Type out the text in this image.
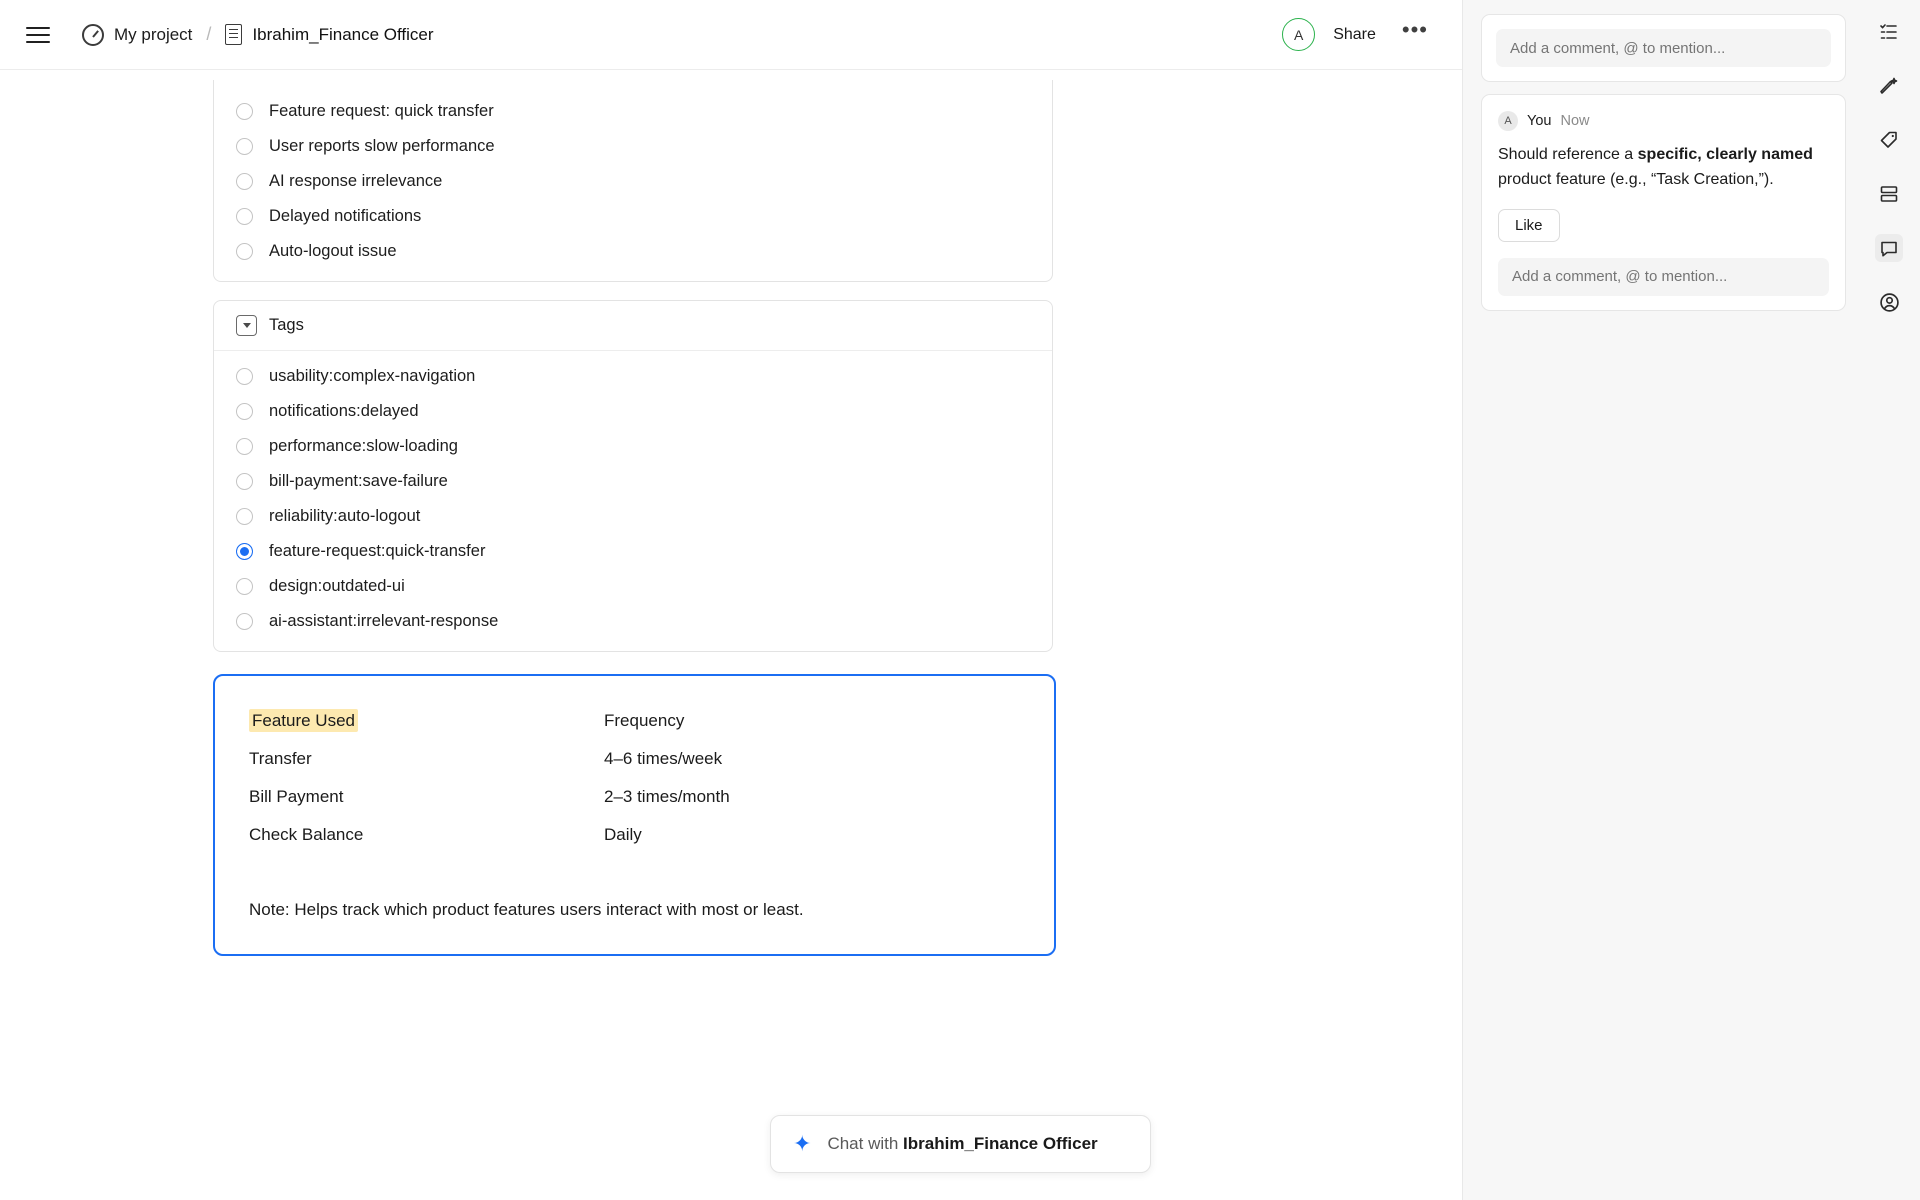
My project / Ibrahim_Finance Officer	A	Share	•••
Feature request: quick transfer
User reports slow performance
AI response irrelevance
Delayed notifications
Auto-logout issue
Tags
usability:complex-navigation
notifications:delayed
performance:slow-loading
bill-payment:save-failure
reliability:auto-logout
feature-request:quick-transfer
design:outdated-ui
ai-assistant:irrelevant-response
Feature Used	Frequency
Transfer	4–6 times/week
Bill Payment	2–3 times/month
Check Balance	Daily
Note: Helps track which product features users interact with most or least.
✦ Chat with Ibrahim_Finance Officer
Add a comment, @ to mention...
A	You Now
Should reference a specific, clearly named product feature (e.g., “Task Creation,”).
Like Add a comment, @ to mention...
